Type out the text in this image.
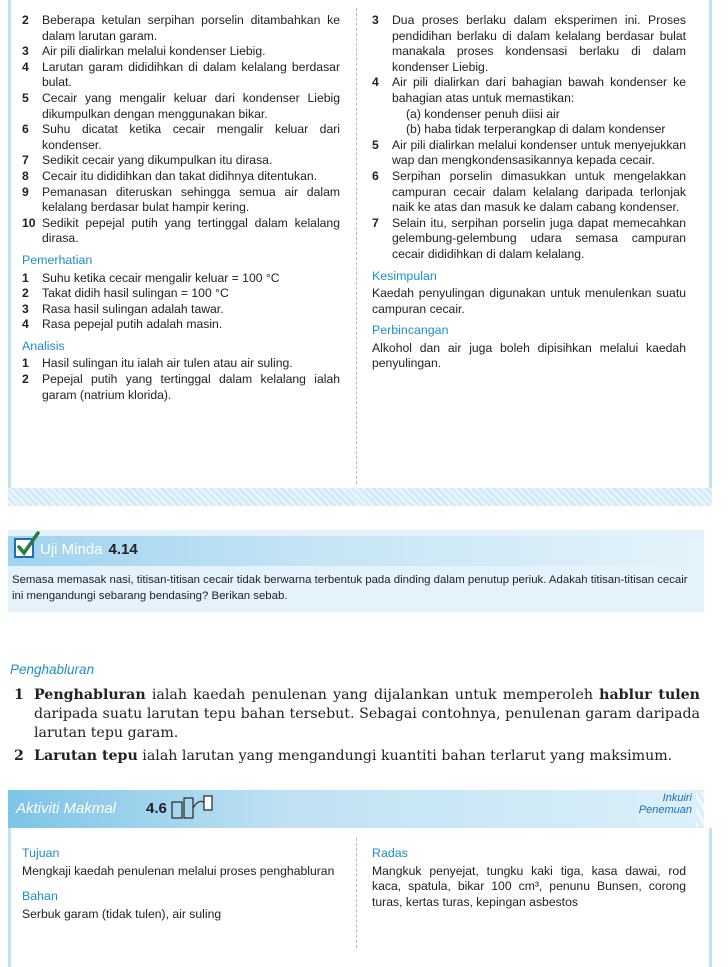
2 Beberapa ketulan serpihan porselin ditambahkan ke dalam larutan garam.
3 Air pili dialirkan melalui kondenser Liebig.
4 Larutan garam dididihkan di dalam kelalang berdasar bulat.
5 Cecair yang mengalir keluar dari kondenser Liebig dikumpulkan dengan menggunakan bikar.
6 Suhu dicatat ketika cecair mengalir keluar dari kondenser.
7 Sedikit cecair yang dikumpulkan itu dirasa.
8 Cecair itu dididihkan dan takat didihnya ditentukan.
9 Pemanasan diteruskan sehingga semua air dalam kelalang berdasar bulat hampir kering.
10 Sedikit pepejal putih yang tertinggal dalam kelalang dirasa.
Pemerhatian
1 Suhu ketika cecair mengalir keluar = 100 °C
2 Takat didih hasil sulingan = 100 °C
3 Rasa hasil sulingan adalah tawar.
4 Rasa pepejal putih adalah masin.
Analisis
1 Hasil sulingan itu ialah air tulen atau air suling.
2 Pepejal putih yang tertinggal dalam kelalang ialah garam (natrium klorida).
3 Dua proses berlaku dalam eksperimen ini. Proses pendidihan berlaku di dalam kelalang berdasar bulat manakala proses kondensasi berlaku di dalam kondenser Liebig.
4 Air pili dialirkan dari bahagian bawah kondenser ke bahagian atas untuk memastikan:
(a) kondenser penuh diisi air
(b) haba tidak terperangkap di dalam kondenser
5 Air pili dialirkan melalui kondenser untuk menyejukkan wap dan mengkondensasikannya kepada cecair.
6 Serpihan porselin dimasukkan untuk mengelakkan campuran cecair dalam kelalang daripada terlonjak naik ke atas dan masuk ke dalam cabang kondenser.
7 Selain itu, serpihan porselin juga dapat memecahkan gelembung-gelembung udara semasa campuran cecair dididihkan di dalam kelalang.
Kesimpulan
Kaedah penyulingan digunakan untuk menulenkan suatu campuran cecair.
Perbincangan
Alkohol dan air juga boleh dipisihkan melalui kaedah penyulingan.
Uji Minda 4.14
Semasa memasak nasi, titisan-titisan cecair tidak berwarna terbentuk pada dinding dalam penutup periuk. Adakah titisan-titisan cecair ini mengandungi sebarang bendasing? Berikan sebab.
Penghabluran
1 Penghabluran ialah kaedah penulenan yang dijalankan untuk memperoleh hablur tulen daripada suatu larutan tepu bahan tersebut. Sebagai contohnya, penulenan garam daripada larutan tepu garam.
2 Larutan tepu ialah larutan yang mengandungi kuantiti bahan terlarut yang maksimum.
Aktiviti Makmal 4.6
Inkuiri
Penemuan
Tujuan
Mengkaji kaedah penulenan melalui proses penghabluran
Bahan
Serbuk garam (tidak tulen), air suling
Radas
Mangkuk penyejat, tungku kaki tiga, kasa dawai, rod kaca, spatula, bikar 100 cm³, penunu Bunsen, corong turas, kertas turas, kepingan asbestos
